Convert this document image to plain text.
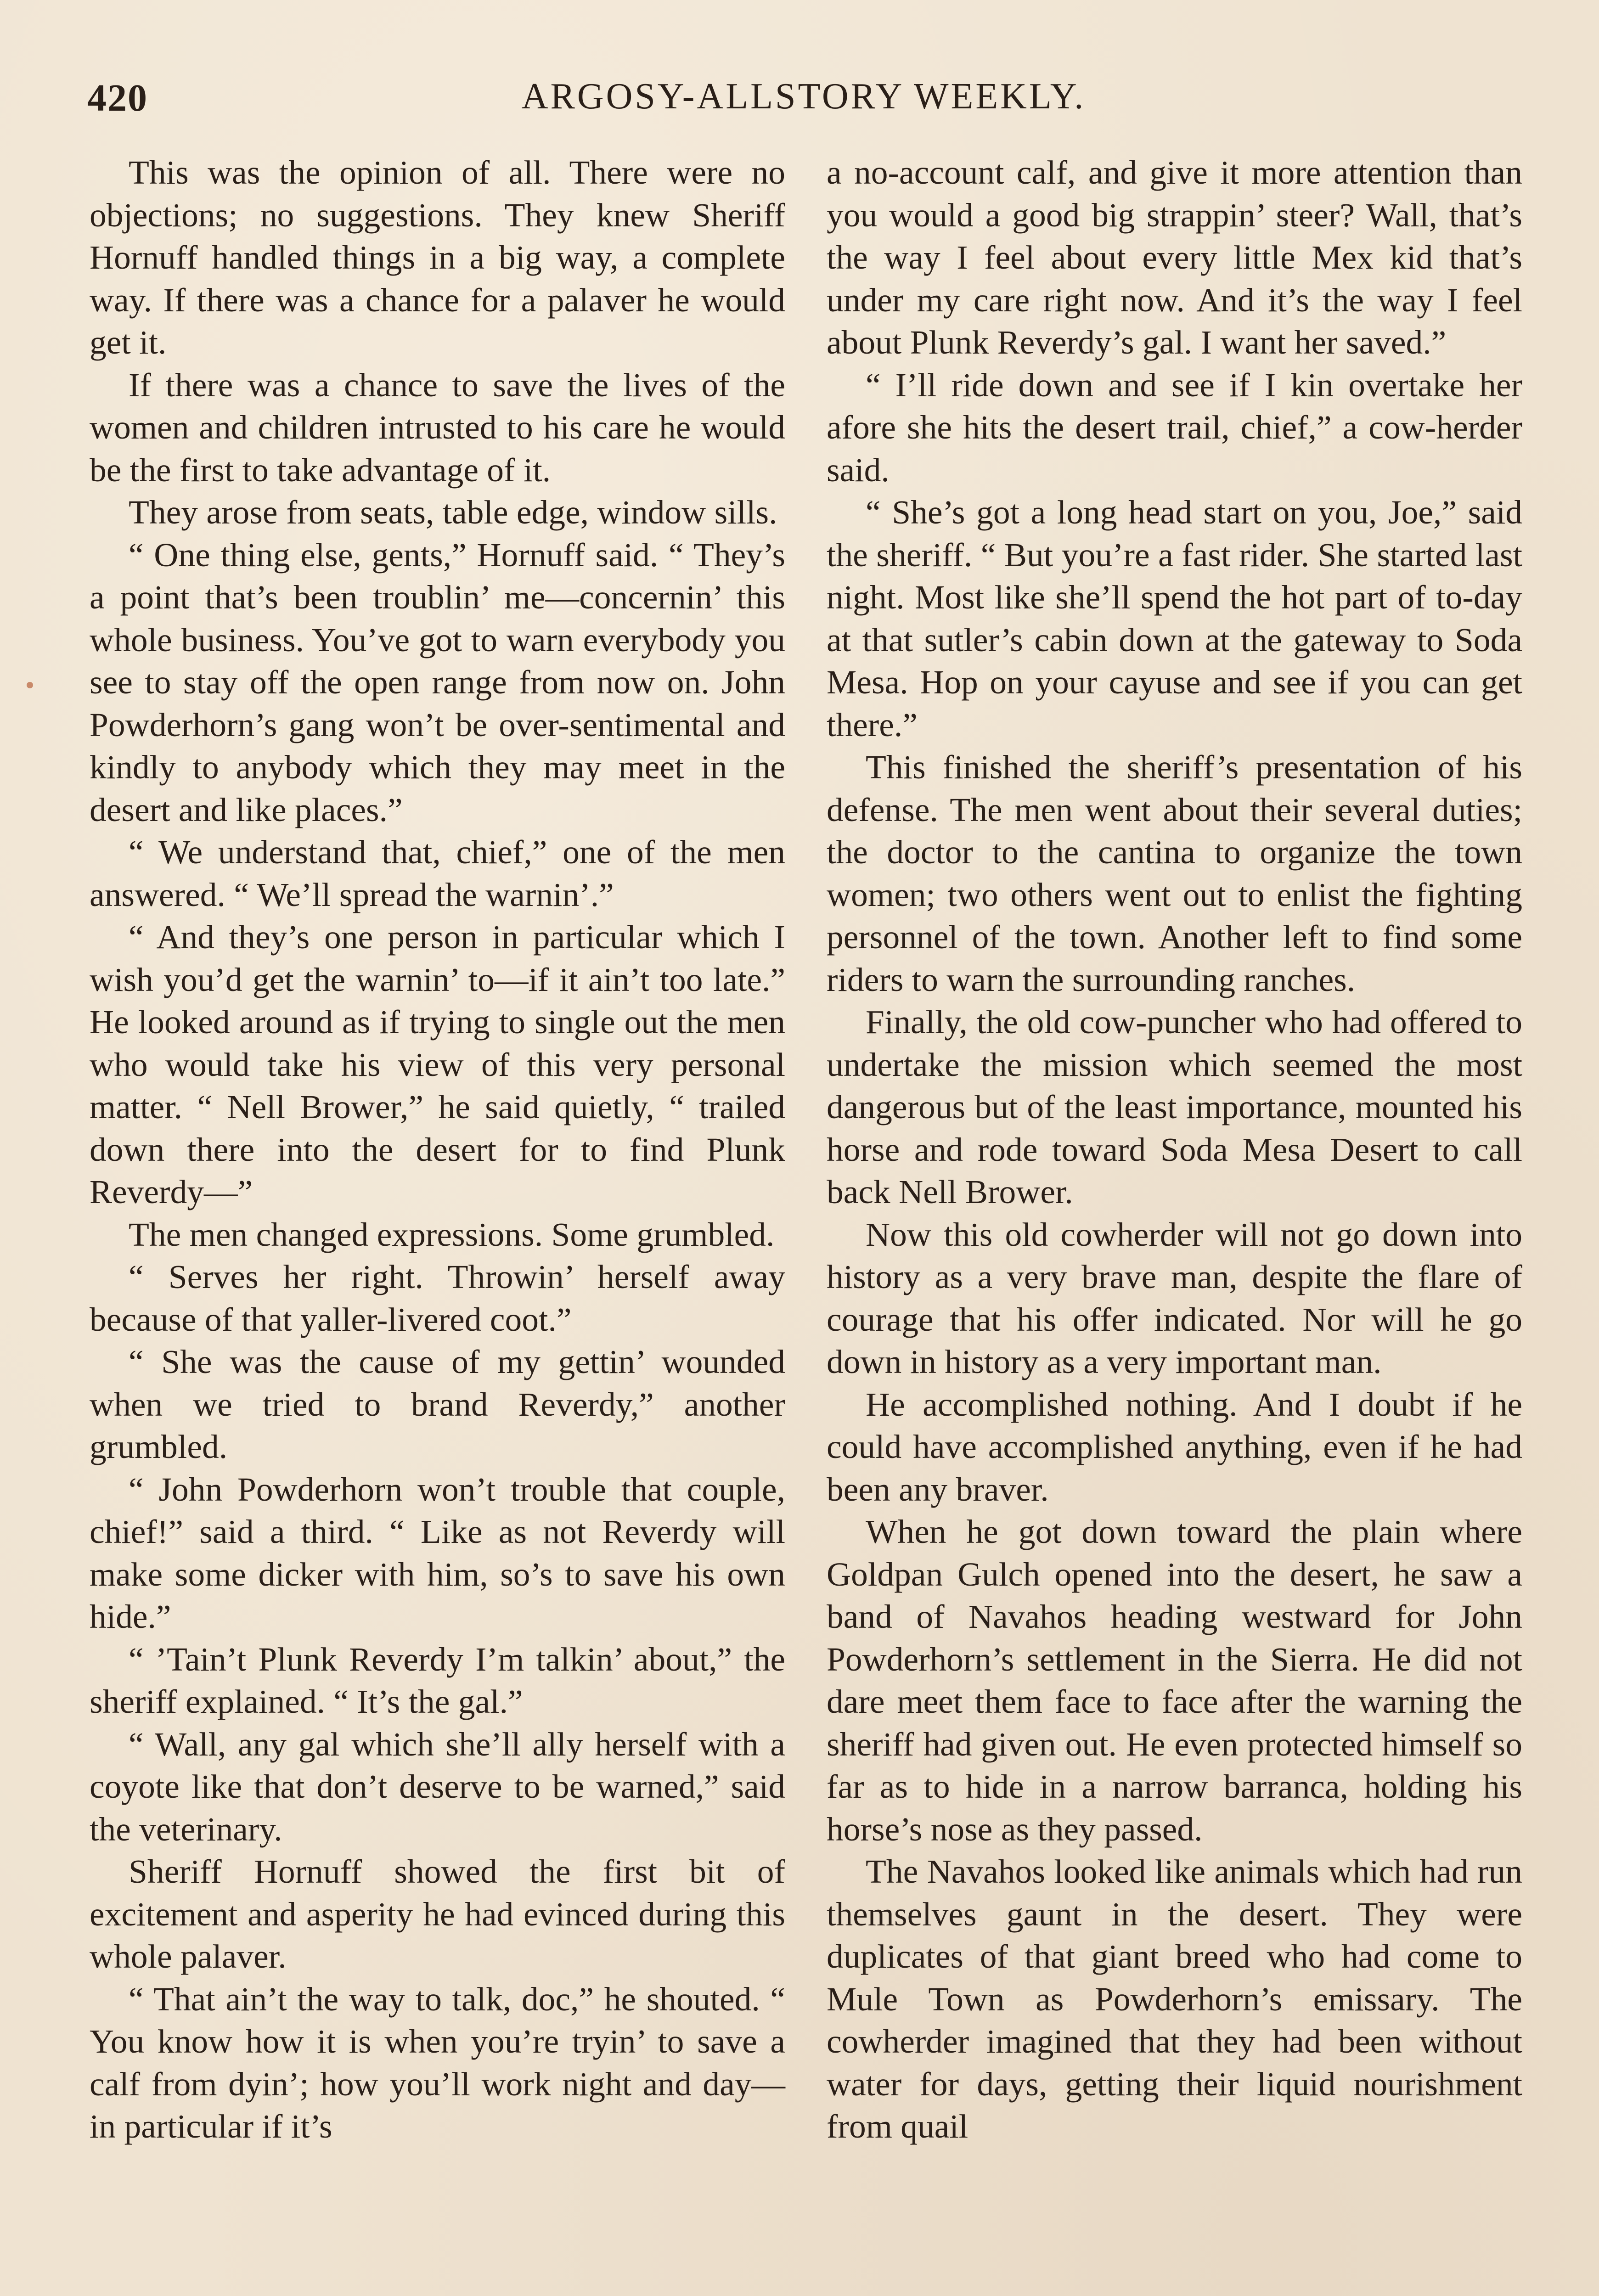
420	ARGOSY-ALLSTORY WEEKLY.

This was the opinion of all. There were no objections; no suggestions. They knew Sheriff Hornuff handled things in a big way, a complete way. If there was a chance for a palaver he would get it.

If there was a chance to save the lives of the women and children intrusted to his care he would be the first to take advantage of it.

They arose from seats, table edge, window sills.

“ One thing else, gents,” Hornuff said. “ They’s a point that’s been troublin’ me—concernin’ this whole business. You’ve got to warn everybody you see to stay off the open range from now on. John Powderhorn’s gang won’t be over-sentimental and kindly to anybody which they may meet in the desert and like places.”

“ We understand that, chief,” one of the men answered. “ We’ll spread the warnin’.”

“ And they’s one person in particular which I wish you’d get the warnin’ to—if it ain’t too late.” He looked around as if trying to single out the men who would take his view of this very personal matter. “ Nell Brower,” he said quietly, “ trailed down there into the desert for to find Plunk Reverdy—”

The men changed expressions. Some grumbled.

“ Serves her right. Throwin’ herself away because of that yaller-livered coot.”

“ She was the cause of my gettin’ wounded when we tried to brand Reverdy,” another grumbled.

“ John Powderhorn won’t trouble that couple, chief!” said a third. “ Like as not Reverdy will make some dicker with him, so’s to save his own hide.”

“ ’Tain’t Plunk Reverdy I’m talkin’ about,” the sheriff explained. “ It’s the gal.”

“ Wall, any gal which she’ll ally herself with a coyote like that don’t deserve to be warned,” said the veterinary.

Sheriff Hornuff showed the first bit of excitement and asperity he had evinced during this whole palaver.

“ That ain’t the way to talk, doc,” he shouted. “ You know how it is when you’re tryin’ to save a calf from dyin’; how you’ll work night and day—in particular if it’s

a no-account calf, and give it more attention than you would a good big strappin’ steer? Wall, that’s the way I feel about every little Mex kid that’s under my care right now. And it’s the way I feel about Plunk Reverdy’s gal. I want her saved.”

“ I’ll ride down and see if I kin overtake her afore she hits the desert trail, chief,” a cow-herder said.

“ She’s got a long head start on you, Joe,” said the sheriff. “ But you’re a fast rider. She started last night. Most like she’ll spend the hot part of to-day at that sutler’s cabin down at the gateway to Soda Mesa. Hop on your cayuse and see if you can get there.”

This finished the sheriff’s presentation of his defense. The men went about their several duties; the doctor to the cantina to organize the town women; two others went out to enlist the fighting personnel of the town. Another left to find some riders to warn the surrounding ranches.

Finally, the old cow-puncher who had offered to undertake the mission which seemed the most dangerous but of the least importance, mounted his horse and rode toward Soda Mesa Desert to call back Nell Brower.

Now this old cowherder will not go down into history as a very brave man, despite the flare of courage that his offer indicated. Nor will he go down in history as a very important man.

He accomplished nothing. And I doubt if he could have accomplished anything, even if he had been any braver.

When he got down toward the plain where Goldpan Gulch opened into the desert, he saw a band of Navahos heading westward for John Powderhorn’s settlement in the Sierra. He did not dare meet them face to face after the warning the sheriff had given out. He even protected himself so far as to hide in a narrow barranca, holding his horse’s nose as they passed.

The Navahos looked like animals which had run themselves gaunt in the desert. They were duplicates of that giant breed who had come to Mule Town as Powderhorn’s emissary. The cowherder imagined that they had been without water for days, getting their liquid nourishment from quail
